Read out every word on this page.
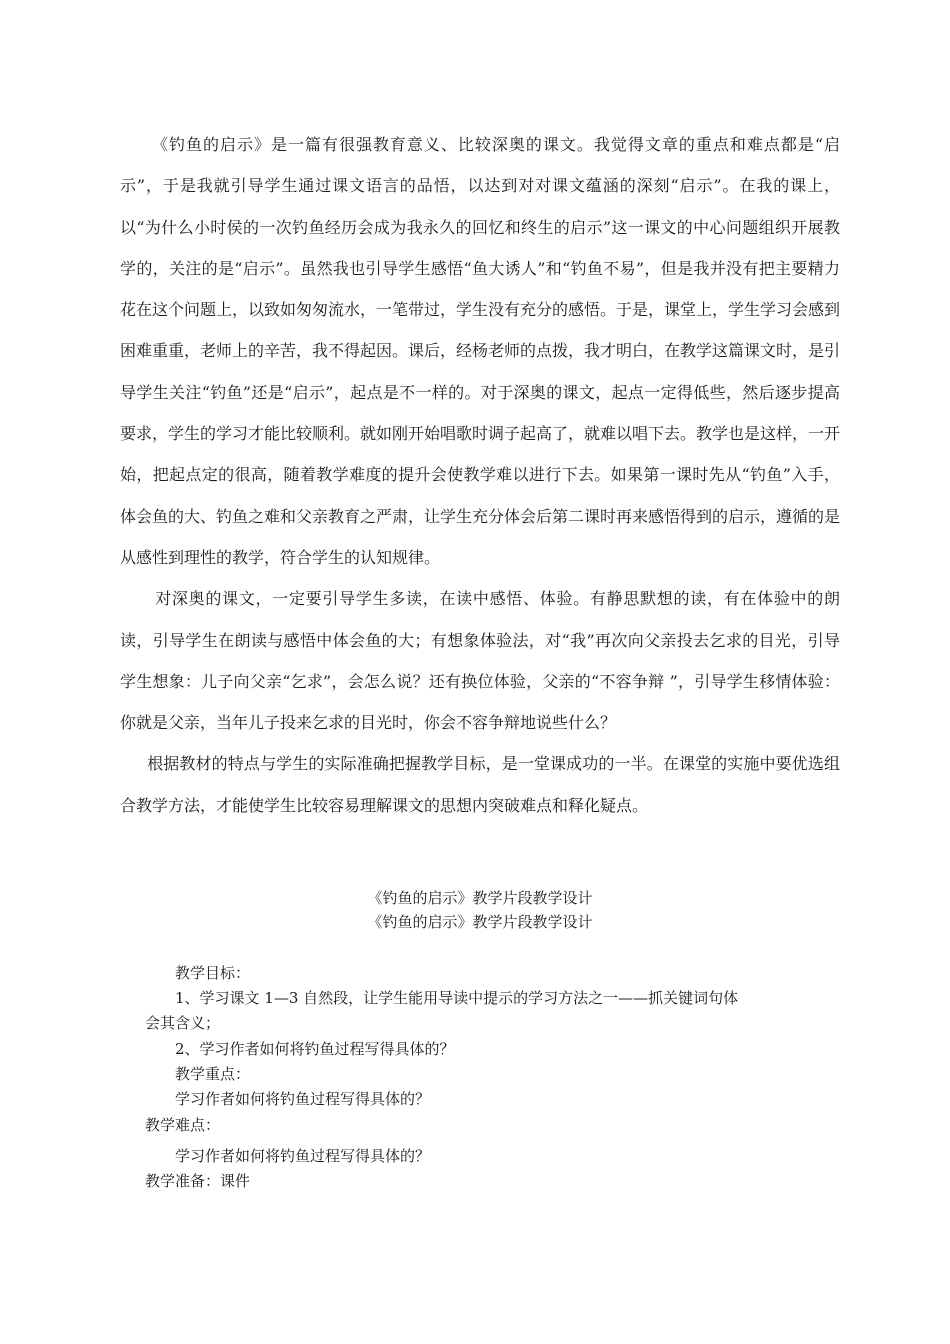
《钓鱼的启示》是一篇有很强教育意义、比较深奥的课文。我觉得文章的重点和难点都是“启示”，于是我就引导学生通过课文语言的品悟，以达到对对课文蕴涵的深刻“启示”。在我的课上，以“为什么小时侯的一次钓鱼经历会成为我永久的回忆和终生的启示”这一课文的中心问题组织开展教学的，关注的是“启示”。虽然我也引导学生感悟“鱼大诱人”和“钓鱼不易”，但是我并没有把主要精力花在这个问题上，以致如匆匆流水，一笔带过，学生没有充分的感悟。于是，课堂上，学生学习会感到困难重重，老师上的辛苦，我不得起因。课后，经杨老师的点拨，我才明白，在教学这篇课文时，是引导学生关注“钓鱼”还是“启示”，起点是不一样的。对于深奥的课文，起点一定得低些，然后逐步提高要求，学生的学习才能比较顺利。就如刚开始唱歌时调子起高了，就难以唱下去。教学也是这样，一开始，把起点定的很高，随着教学难度的提升会使教学难以进行下去。如果第一课时先从“钓鱼”入手，体会鱼的大、钓鱼之难和父亲教育之严肃，让学生充分体会后第二课时再来感悟得到的启示，遵循的是从感性到理性的教学，符合学生的认知规律。

对深奥的课文，一定要引导学生多读，在读中感悟、体验。有静思默想的读，有在体验中的朗读，引导学生在朗读与感悟中体会鱼的大；有想象体验法，对“我”再次向父亲投去乞求的目光，引导学生想象：儿子向父亲“乞求”，会怎么说？还有换位体验，父亲的“不容争辩 ”，引导学生移情体验：你就是父亲，当年儿子投来乞求的目光时，你会不容争辩地说些什么？

根据教材的特点与学生的实际准确把握教学目标，是一堂课成功的一半。在课堂的实施中要优选组合教学方法，才能使学生比较容易理解课文的思想内突破难点和释化疑点。

《钓鱼的启示》教学片段教学设计

《钓鱼的启示》教学片段教学设计

教学目标：

1、学习课文 1—3 自然段，让学生能用导读中提示的学习方法之一——抓关键词句体

会其含义；

2、学习作者如何将钓鱼过程写得具体的？

教学重点：

学习作者如何将钓鱼过程写得具体的？

教学难点：

学习作者如何将钓鱼过程写得具体的？

教学准备：课件
